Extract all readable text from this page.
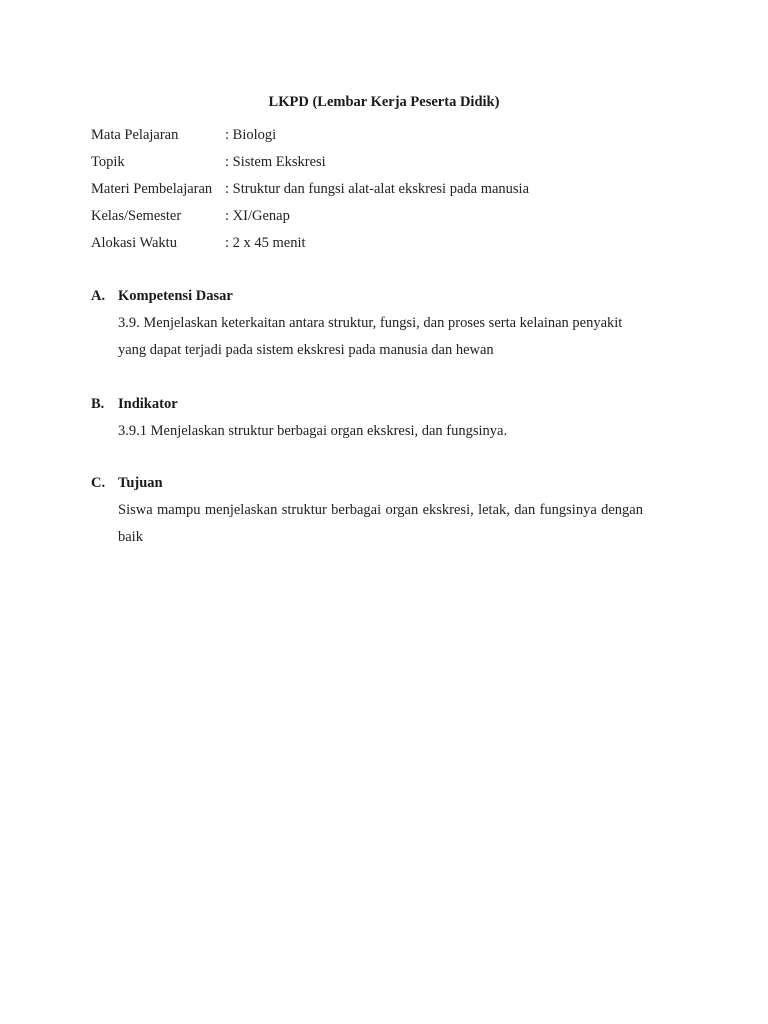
LKPD (Lembar Kerja Peserta Didik)
Mata Pelajaran	: Biologi
Topik	: Sistem Ekskresi
Materi Pembelajaran : Struktur dan fungsi alat-alat ekskresi pada manusia
Kelas/Semester	: XI/Genap
Alokasi Waktu	: 2 x 45 menit
A. Kompetensi Dasar
3.9. Menjelaskan keterkaitan antara struktur, fungsi, dan proses serta kelainan penyakit yang dapat terjadi pada sistem ekskresi pada manusia dan hewan
B. Indikator
3.9.1 Menjelaskan struktur berbagai organ ekskresi, dan fungsinya.
C. Tujuan
Siswa mampu menjelaskan struktur berbagai organ ekskresi, letak, dan fungsinya dengan baik
